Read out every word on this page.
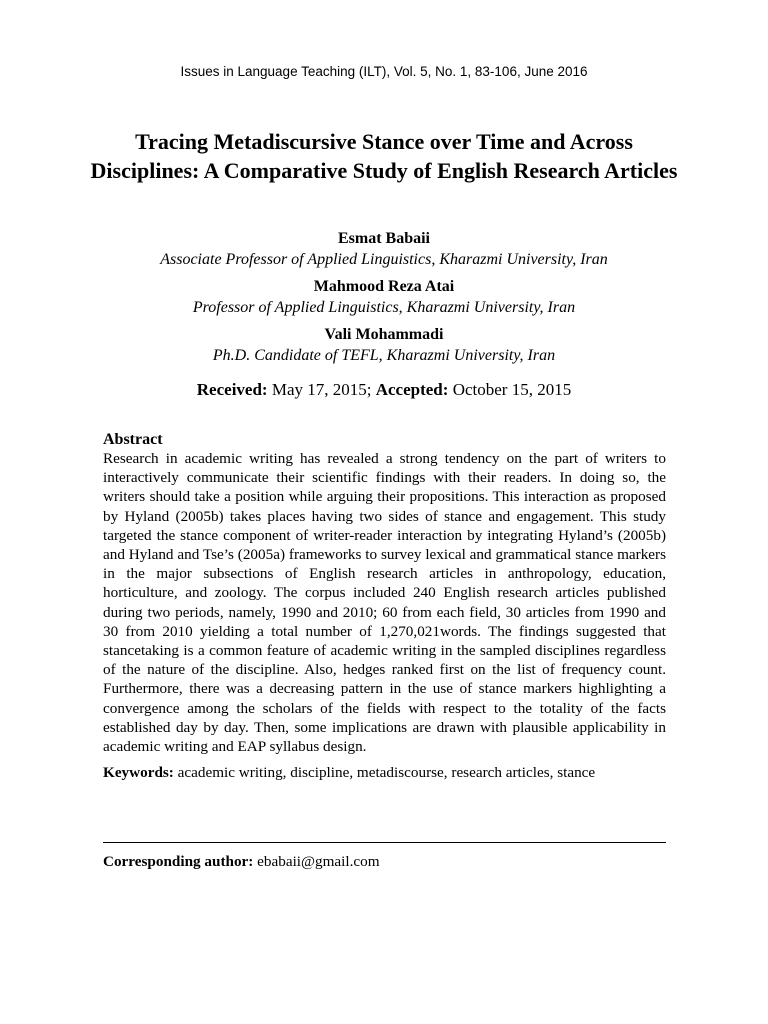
Issues in Language Teaching (ILT), Vol. 5, No. 1, 83-106, June 2016
Tracing Metadiscursive Stance over Time and Across Disciplines: A Comparative Study of English Research Articles
Esmat Babaii
Associate Professor of Applied Linguistics, Kharazmi University, Iran
Mahmood Reza Atai
Professor of Applied Linguistics, Kharazmi University, Iran
Vali Mohammadi
Ph.D. Candidate of TEFL, Kharazmi University, Iran
Received: May 17, 2015; Accepted: October 15, 2015
Abstract

Research in academic writing has revealed a strong tendency on the part of writers to interactively communicate their scientific findings with their readers. In doing so, the writers should take a position while arguing their propositions. This interaction as proposed by Hyland (2005b) takes places having two sides of stance and engagement. This study targeted the stance component of writer-reader interaction by integrating Hyland’s (2005b) and Hyland and Tse’s (2005a) frameworks to survey lexical and grammatical stance markers in the major subsections of English research articles in anthropology, education, horticulture, and zoology. The corpus included 240 English research articles published during two periods, namely, 1990 and 2010; 60 from each field, 30 articles from 1990 and 30 from 2010 yielding a total number of 1,270,021words. The findings suggested that stancetaking is a common feature of academic writing in the sampled disciplines regardless of the nature of the discipline. Also, hedges ranked first on the list of frequency count. Furthermore, there was a decreasing pattern in the use of stance markers highlighting a convergence among the scholars of the fields with respect to the totality of the facts established day by day. Then, some implications are drawn with plausible applicability in academic writing and EAP syllabus design.

Keywords: academic writing, discipline, metadiscourse, research articles, stance
Corresponding author: ebabaii@gmail.com
